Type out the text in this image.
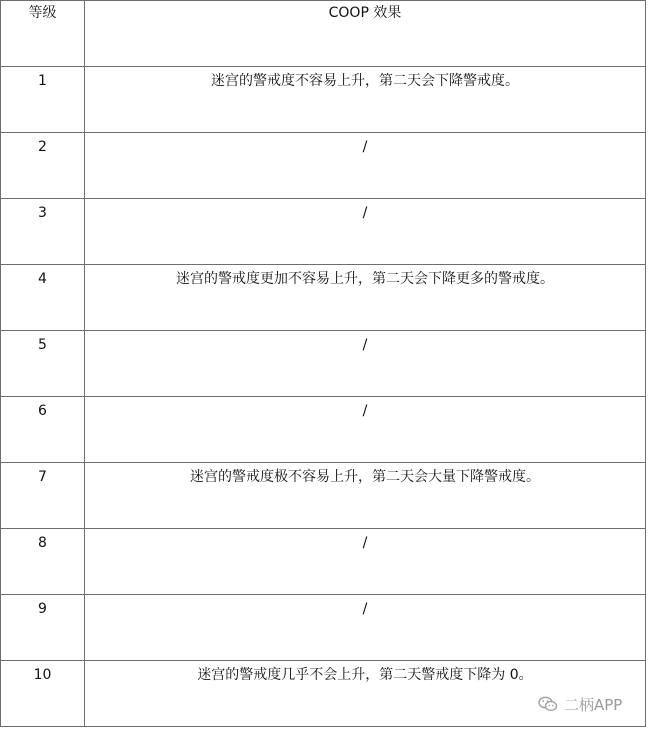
等级	COOP 效果

1	迷宫的警戒度不容易上升，第二天会下降警戒度。

2	/

3	/

4	迷宫的警戒度更加不容易上升，第二天会下降更多的警戒度。

5	/

6	/

7	迷宫的警戒度极不容易上升，第二天会大量下降警戒度。

8	/

9	/

10	迷宫的警戒度几乎不会上升，第二天警戒度下降为 0。
二柄APP
